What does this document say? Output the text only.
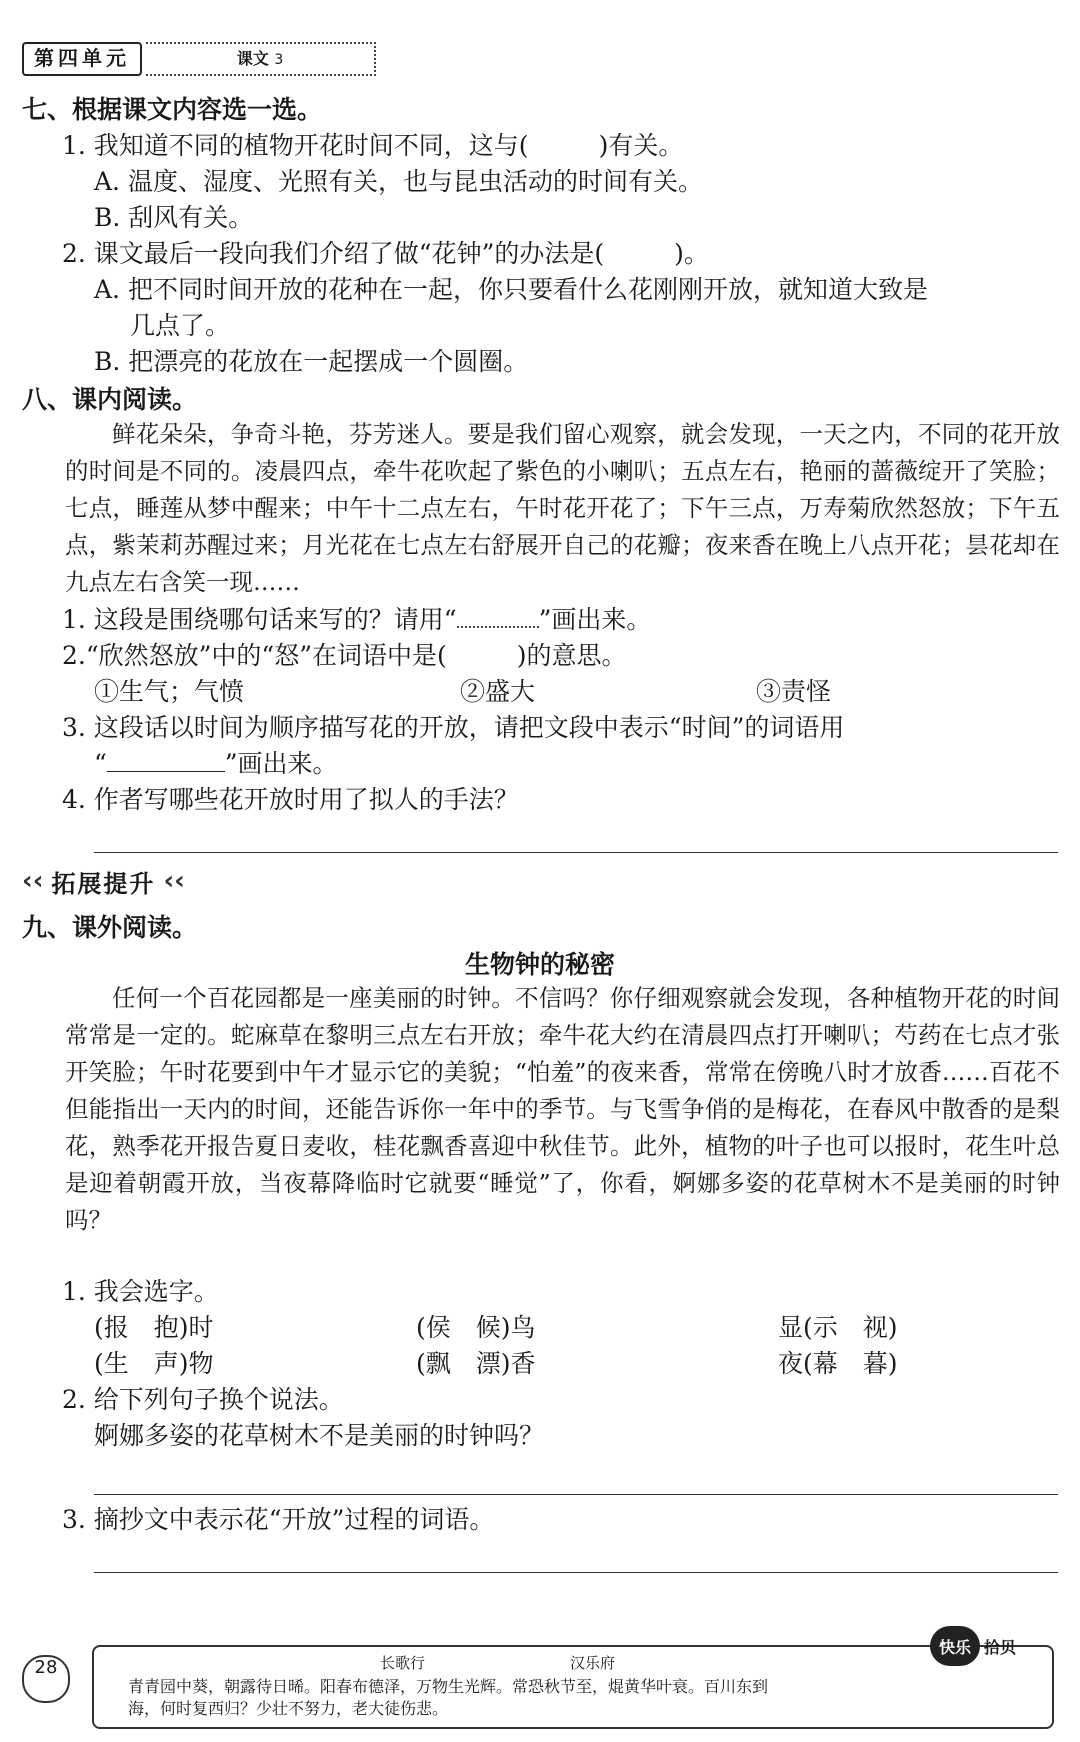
第四单元	课文 3
七、根据课文内容选一选。
1. 我知道不同的植物开花时间不同，这与(	)有关。
A. 温度、湿度、光照有关，也与昆虫活动的时间有关。
B. 刮风有关。
2. 课文最后一段向我们介绍了做“花钟”的办法是(	)。
A. 把不同时间开放的花种在一起，你只要看什么花刚刚开放，就知道大致是
几点了。
B. 把漂亮的花放在一起摆成一个圆圈。
八、课内阅读。
鲜花朵朵，争奇斗艳，芬芳迷人。要是我们留心观察，就会发现，一天之内，不同的花开放的时间是不同的。凌晨四点，牵牛花吹起了紫色的小喇叭；五点左右，艳丽的蔷薇绽开了笑脸；七点，睡莲从梦中醒来；中午十二点左右，午时花开花了；下午三点，万寿菊欣然怒放；下午五点，紫茉莉苏醒过来；月光花在七点左右舒展开自己的花瓣；夜来香在晚上八点开花；昙花却在九点左右含笑一现……
1. 这段是围绕哪句话来写的？请用“	”画出来。
2.“欣然怒放”中的“怒”在词语中是(	)的意思。
①生气；气愤	②盛大	③责怪
3. 这段话以时间为顺序描写花的开放，请把文段中表示“时间”的词语用
“	”画出来。
4. 作者写哪些花开放时用了拟人的手法？
‹‹ 拓展提升 ‹‹
九、课外阅读。
生物钟的秘密
任何一个百花园都是一座美丽的时钟。不信吗？你仔细观察就会发现，各种植物开花的时间常常是一定的。蛇麻草在黎明三点左右开放；牵牛花大约在清晨四点打开喇叭；芍药在七点才张开笑脸；午时花要到中午才显示它的美貌；“怕羞”的夜来香，常常在傍晚八时才放香……百花不但能指出一天内的时间，还能告诉你一年中的季节。与飞雪争俏的是梅花，在春风中散香的是梨花，熟季花开报告夏日麦收，桂花飘香喜迎中秋佳节。此外，植物的叶子也可以报时，花生叶总是迎着朝霞开放，当夜幕降临时它就要“睡觉”了，你看，婀娜多姿的花草树木不是美丽的时钟吗？
1. 我会选字。
(报　抱)时	(侯　候)鸟	显(示　视)
(生　声)物	(飘　漂)香	夜(幕　暮)
2. 给下列句子换个说法。
婀娜多姿的花草树木不是美丽的时钟吗？
3. 摘抄文中表示花“开放”过程的词语。
28	长歌行	汉乐府
青青园中葵，朝露待日晞。阳春布德泽，万物生光辉。常恐秋节至，焜黄华叶衰。百川东到
海，何时复西归？少壮不努力，老大徒伤悲。
快乐 拾贝
